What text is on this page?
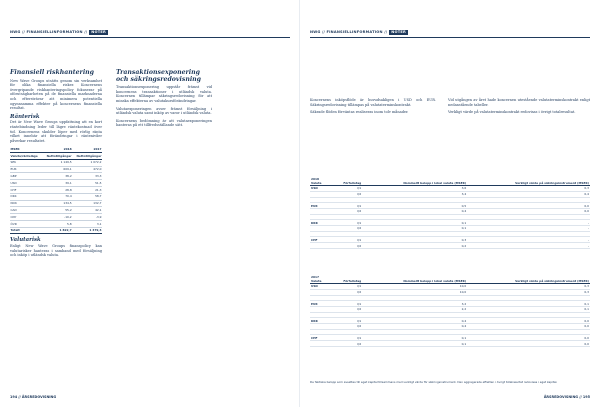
NWG // FINANSIELLINFORMATION //	NOTER
Finansiell riskhantering

New Wave Groups utsätts genom sin verksamhet för olika finansiella risker. Koncernens övergripande riskhanteringspolicy fokuserar på oförutsägbarheten på de finansiella marknaderna och eftersträvar att minimera potentiella ogynnsamma effekter på koncernens finansiella resultat.

Ränterisk

Det är New Wave Groups uppfattning att en kort räntebindning leder till lägre räntekostnad över tid. Koncernens skulder löper med rörlig ränta vilket innebär att förändringar i räntenivåer påverkar resultatet.

MSEK	2018	2017
Valuta/ränteläge	Nettotillgångar	Nettotillgångar
SEK	1 149,5	1 072,2
EUR	609,1	472,0
GBP	38,2	33,3
USD	39,1	51,5
CHF	28,8	21,3
DKK	70,4	58,7
NOK	134,5	132,7
CAD	55,2	42,1
CNY	-10,2	-3,9
ÖVR	5,8	3,1
Totalt	1 822,7	1 479,4
Valutarisk

Enligt New Wave Groups finanspolicy kan valutarisker hanteras i samband med försäljning och inköp i utländsk valuta.

Transaktionsexponering och säkringsredovisning

Transaktionsexponering uppstår främst vid koncernens transaktioner i utländsk valuta. Koncernen tillämpar säkringsredovisning för att minska effekterna av valutakursförändringar.

Valutaexponeringen avser främst försäljning i utländsk valuta samt inköp av varor i utländsk valuta.

Koncernens bedömning är att valutaexponeringen hanteras på ett tillfredsställande sätt.

194 // ÅRSREDOVISNING
NWG // FINANSIELLINFORMATION //	NOTER

Koncernens inköpsflöde är huvudsakligen i USD och EUR. Säkringsredovisning tillämpas på valutaterminskontrakt.

Säkrade flöden förväntas realiseras inom tolv månader.

Vid utgången av året hade koncernen utestående valutaterminskontrakt enligt nedanstående tabeller.

Verkligt värde på valutaterminskontrakt redovisas i övrigt totalresultat.

2018
Valuta	Förfallotag	Nominellt belopp i lokal valuta (MSEK)	Verkligt värde på säkringsinstrument (MSEK)
USD	Q1	3,6	0,3
	Q2	3,4	0,4

EUR	Q1	0,5	0,0
	Q2	0,4	0,0

DKK	Q1	0,1	-
	Q2	0,1	-

CHF	Q1	0,3	-
	Q2	0,2	-
2017
Valuta	Förfallotag	Nominellt belopp i lokal valuta (MSEK)	Verkligt värde på säkringsinstrument (MSEK)
USD	Q1	10,0	0,3
	Q2	10,0	0,3

EUR	Q1	3,2	0,1
	Q2	2,2	0,1

DKK	Q1	0,4	0,0
	Q2	0,4	0,0

CHF	Q1	0,1	0,0
	Q2	0,1	0,0
De faktiska belopp som avsettes till eget kapital tillsammans med verkligt värde för säkringsinstrument. Den aggregerade effekten i övrigt totalresultat redovisas i eget kapital.
ÅRSREDOVISNING // 195
